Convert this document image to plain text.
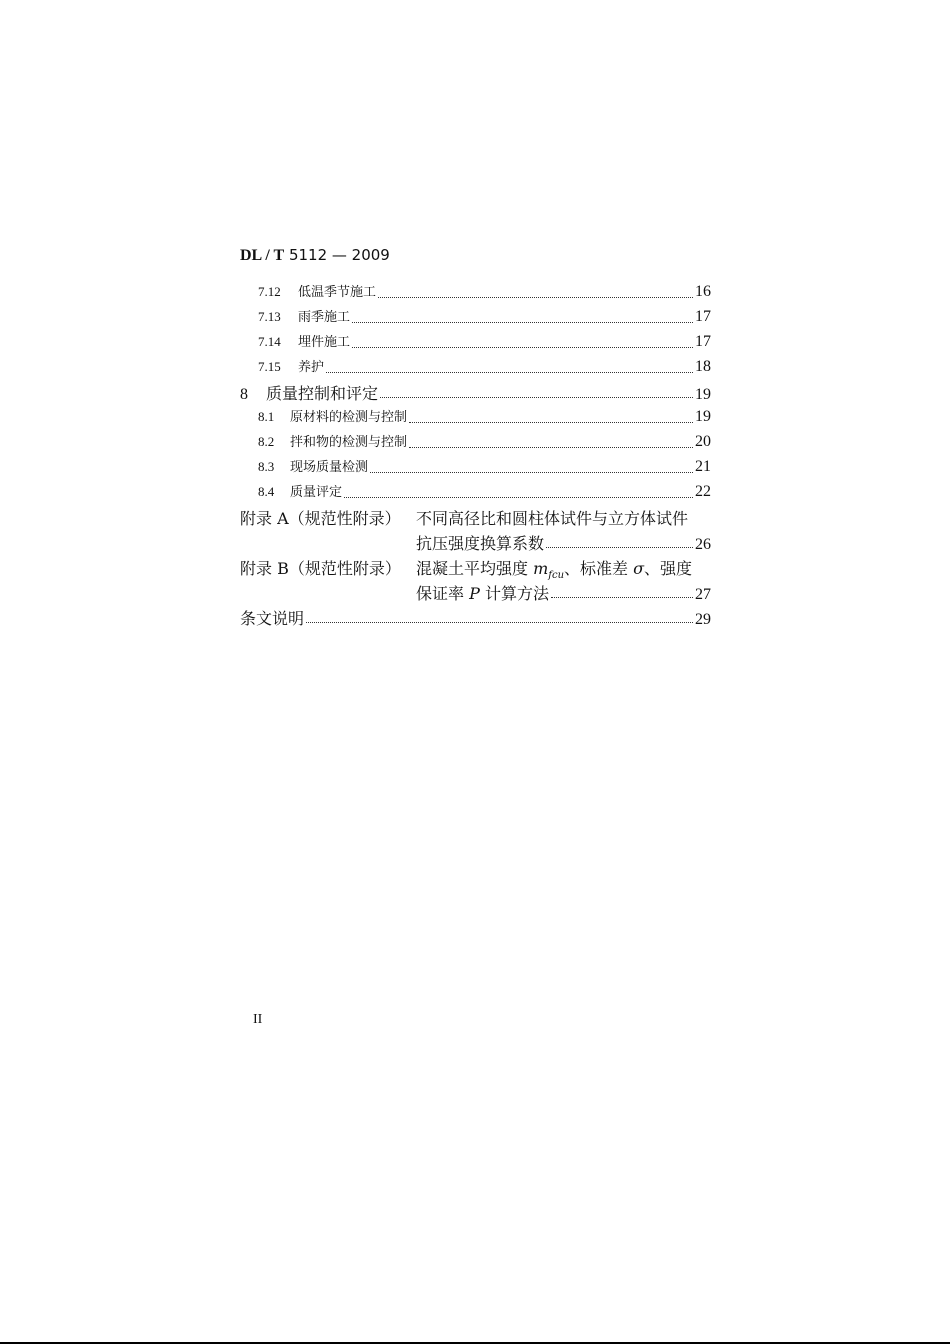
DL / T 5112 — 2009
7.12	低温季节施工	16
7.13	雨季施工	17
7.14	埋件施工	17
7.15	养护	18
8	质量控制和评定	19
8.1	原材料的检测与控制	19
8.2	拌和物的检测与控制	20
8.3	现场质量检测	21
8.4	质量评定	22
附录 A（规范性附录） 不同高径比和圆柱体试件与立方体试件
抗压强度换算系数	26
附录 B（规范性附录） 混凝土平均强度 $m_{fcu}$、标准差 σ、强度
保证率 P 计算方法	27
条文说明	29
II
